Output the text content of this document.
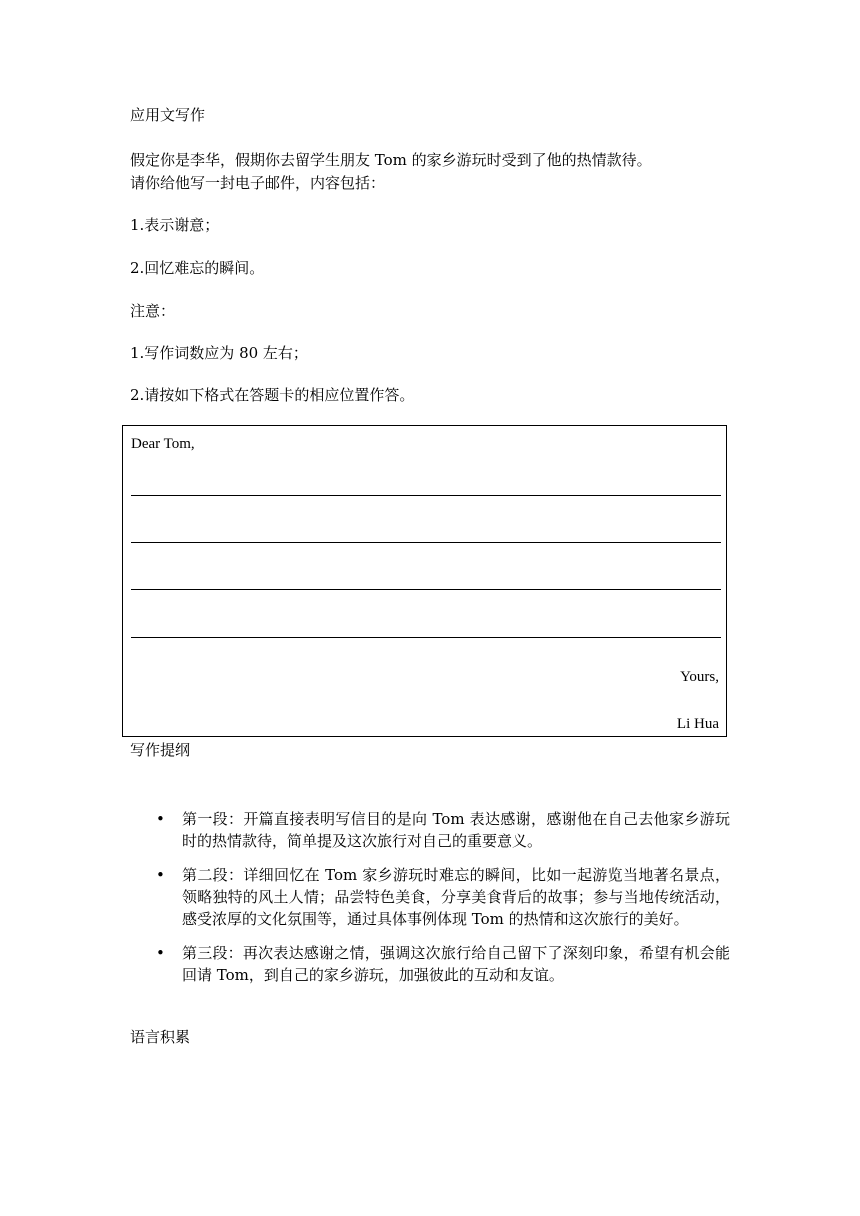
应用文写作
假定你是李华，假期你去留学生朋友 Tom 的家乡游玩时受到了他的热情款待。
请你给他写一封电子邮件，内容包括：
1.表示谢意；
2.回忆难忘的瞬间。
注意：
1.写作词数应为 80 左右；
2.请按如下格式在答题卡的相应位置作答。
Dear Tom,
Yours,
Li Hua
写作提纲
• 第一段：开篇直接表明写信目的是向 Tom 表达感谢，感谢他在自己去他家乡游玩时的热情款待，简单提及这次旅行对自己的重要意义。
• 第二段：详细回忆在 Tom 家乡游玩时难忘的瞬间，比如一起游览当地著名景点，领略独特的风土人情；品尝特色美食，分享美食背后的故事；参与当地传统活动，感受浓厚的文化氛围等，通过具体事例体现 Tom 的热情和这次旅行的美好。
• 第三段：再次表达感谢之情，强调这次旅行给自己留下了深刻印象，希望有机会能回请 Tom，到自己的家乡游玩，加强彼此的互动和友谊。
语言积累
